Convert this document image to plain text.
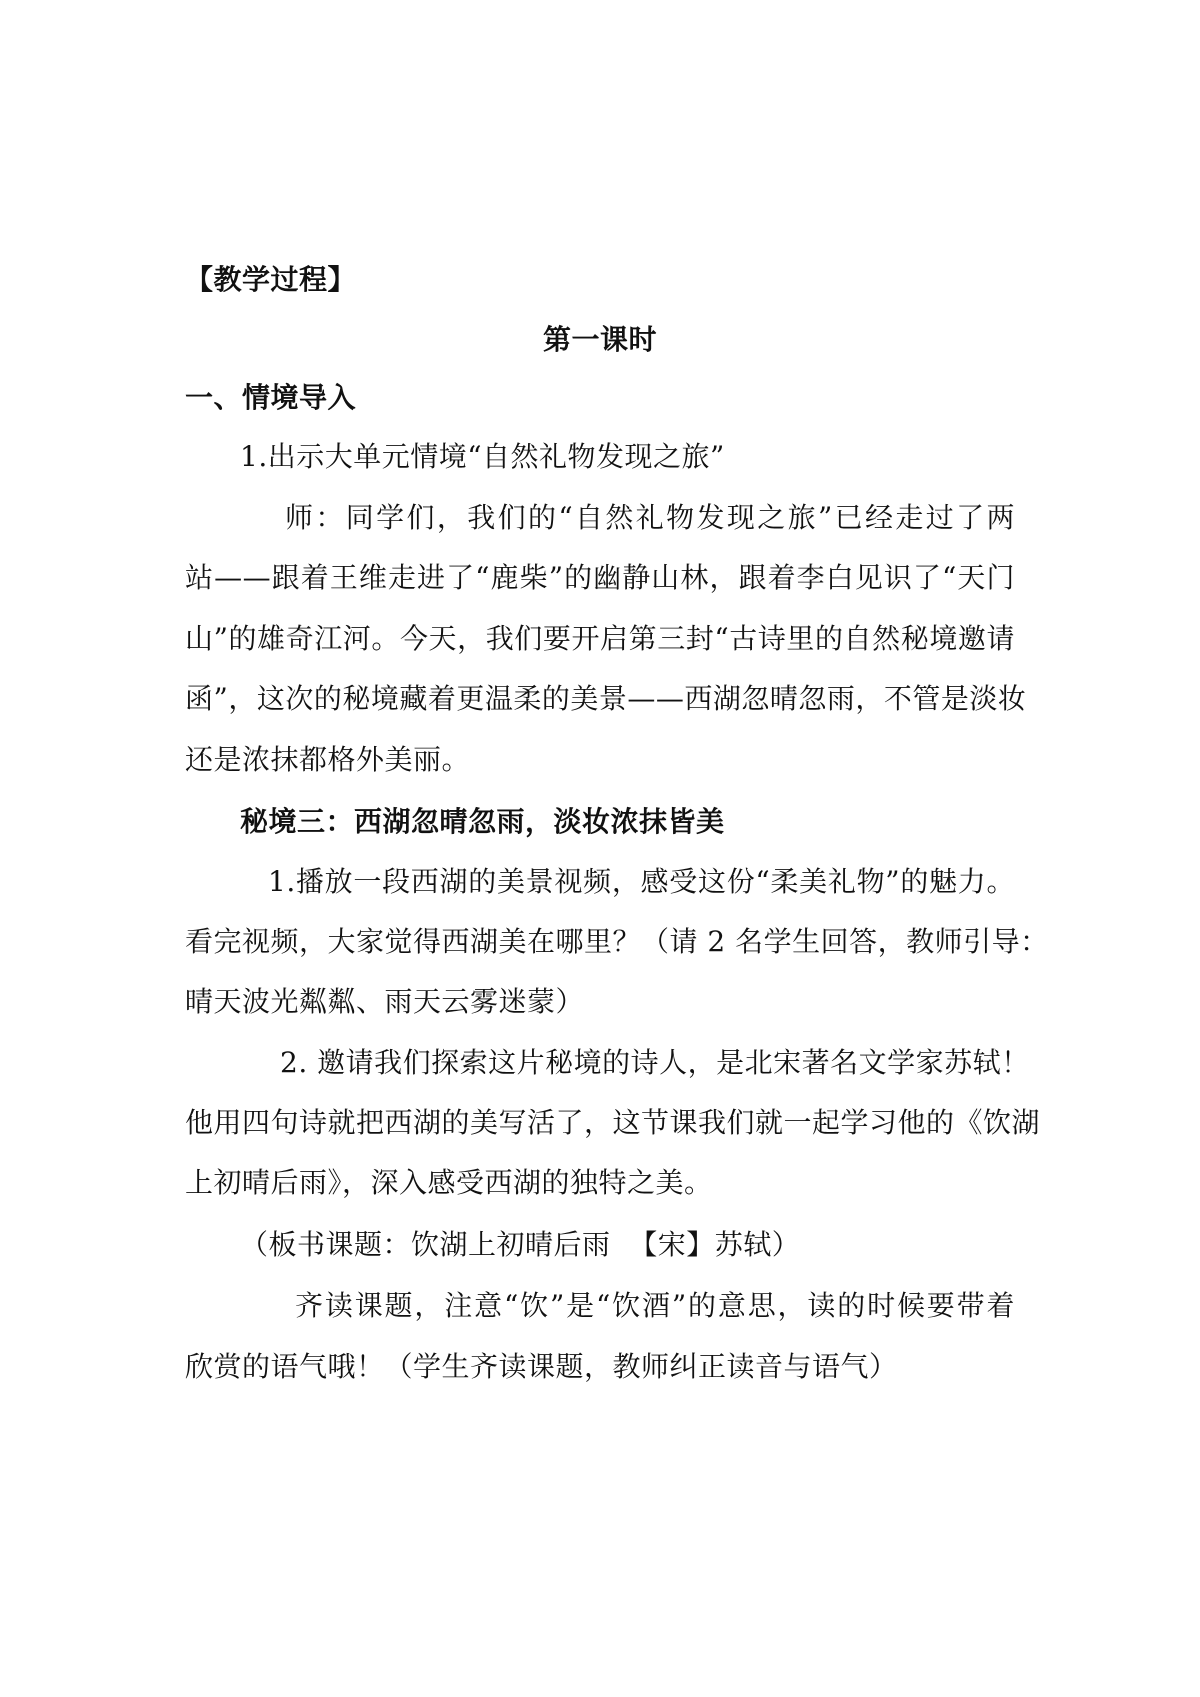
【教学过程】
第一课时
一、情境导入
1.出示大单元情境“自然礼物发现之旅”
师：同学们，我们的“自然礼物发现之旅”已经走过了两
站——跟着王维走进了“鹿柴”的幽静山林，跟着李白见识了“天门
山”的雄奇江河。今天，我们要开启第三封“古诗里的自然秘境邀请
函”，这次的秘境藏着更温柔的美景——西湖忽晴忽雨，不管是淡妆
还是浓抹都格外美丽。
秘境三：西湖忽晴忽雨，淡妆浓抹皆美
1.播放一段西湖的美景视频，感受这份“柔美礼物”的魅力。
看完视频，大家觉得西湖美在哪里？（请 2 名学生回答，教师引导：
晴天波光粼粼、雨天云雾迷蒙）
2. 邀请我们探索这片秘境的诗人，是北宋著名文学家苏轼！
他用四句诗就把西湖的美写活了，这节课我们就一起学习他的《饮湖
上初晴后雨》，深入感受西湖的独特之美。
（板书课题：饮湖上初晴后雨  【宋】苏轼）
齐读课题，注意“饮”是“饮酒”的意思，读的时候要带着
欣赏的语气哦！（学生齐读课题，教师纠正读音与语气）
